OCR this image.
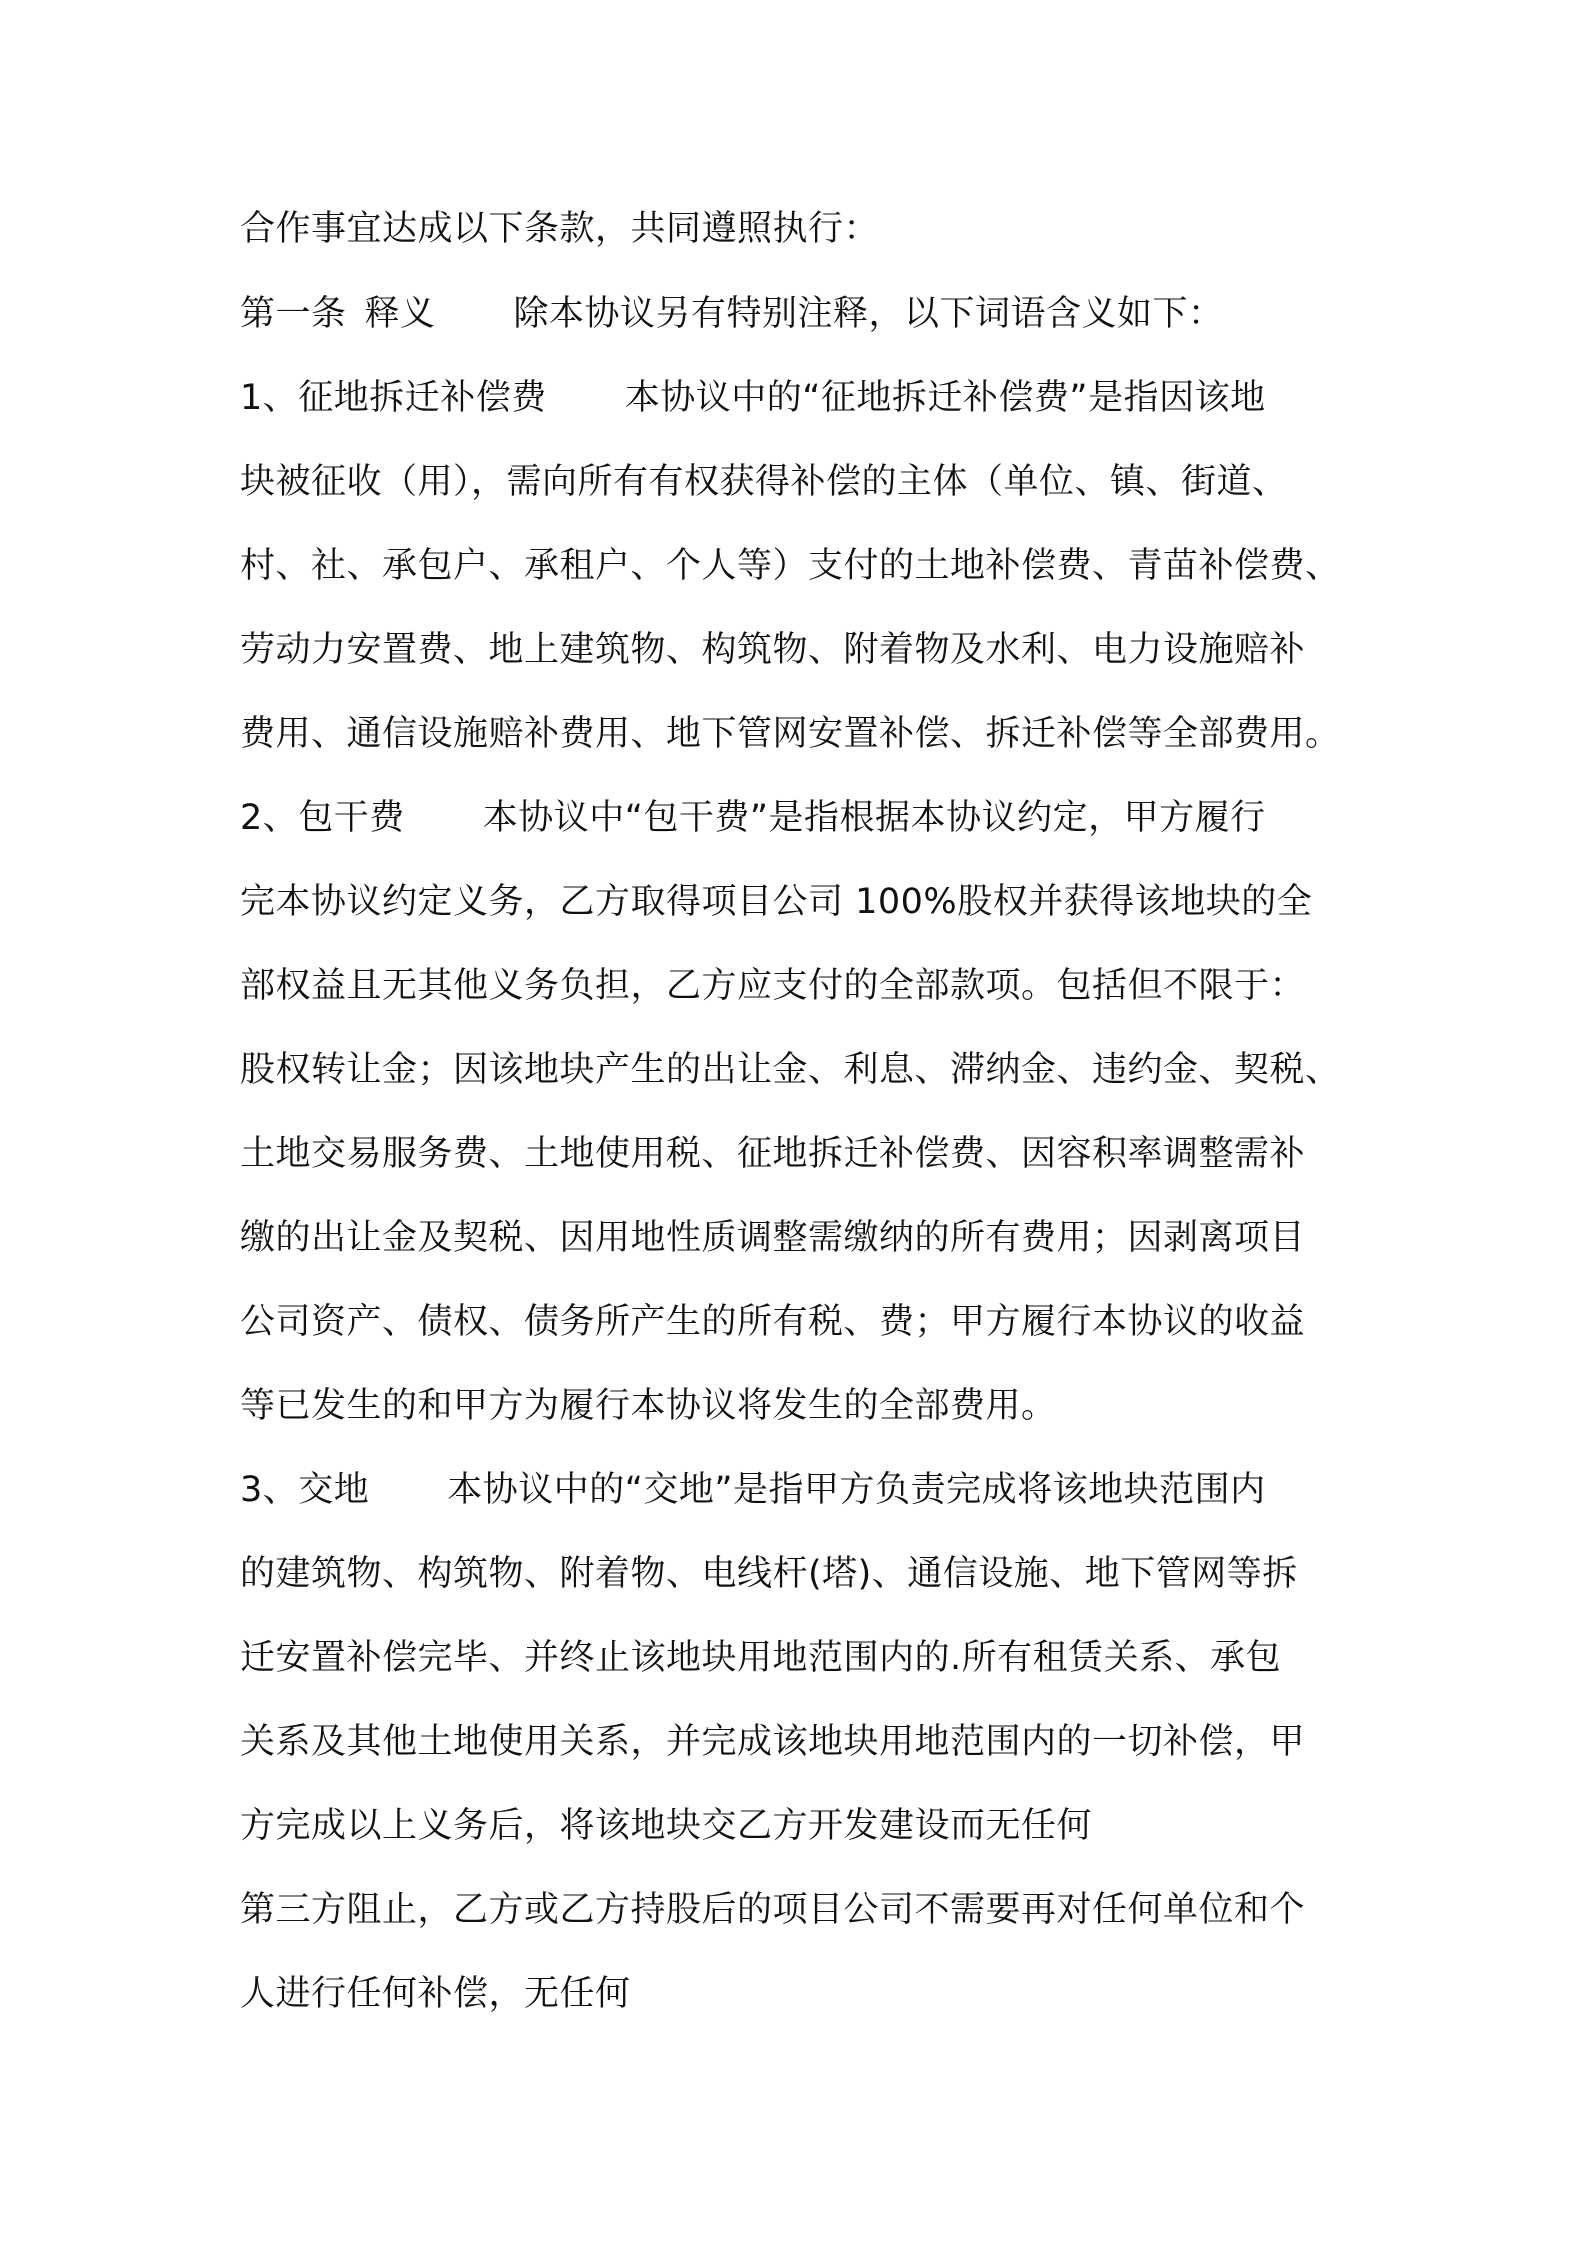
合作事宜达成以下条款，共同遵照执行：
第一条 释义 除本协议另有特别注释，以下词语含义如下：
1、征地拆迁补偿费 本协议中的“征地拆迁补偿费”是指因该地
块被征收（用），需向所有有权获得补偿的主体（单位、镇、街道、
村、社、承包户、承租户、个人等）支付的土地补偿费、青苗补偿费、
劳动力安置费、地上建筑物、构筑物、附着物及水利、电力设施赔补
费用、通信设施赔补费用、地下管网安置补偿、拆迁补偿等全部费用。
2、包干费 本协议中“包干费”是指根据本协议约定，甲方履行
完本协议约定义务，乙方取得项目公司 100%股权并获得该地块的全
部权益且无其他义务负担，乙方应支付的全部款项。包括但不限于：
股权转让金；因该地块产生的出让金、利息、滞纳金、违约金、契税、
土地交易服务费、土地使用税、征地拆迁补偿费、因容积率调整需补
缴的出让金及契税、因用地性质调整需缴纳的所有费用；因剥离项目
公司资产、债权、债务所产生的所有税、费；甲方履行本协议的收益
等已发生的和甲方为履行本协议将发生的全部费用。
3、交地 本协议中的“交地”是指甲方负责完成将该地块范围内
的建筑物、构筑物、附着物、电线杆(塔)、通信设施、地下管网等拆
迁安置补偿完毕、并终止该地块用地范围内的.所有租赁关系、承包
关系及其他土地使用关系，并完成该地块用地范围内的一切补偿，甲
方完成以上义务后，将该地块交乙方开发建设而无任何
第三方阻止，乙方或乙方持股后的项目公司不需要再对任何单位和个
人进行任何补偿，无任何
